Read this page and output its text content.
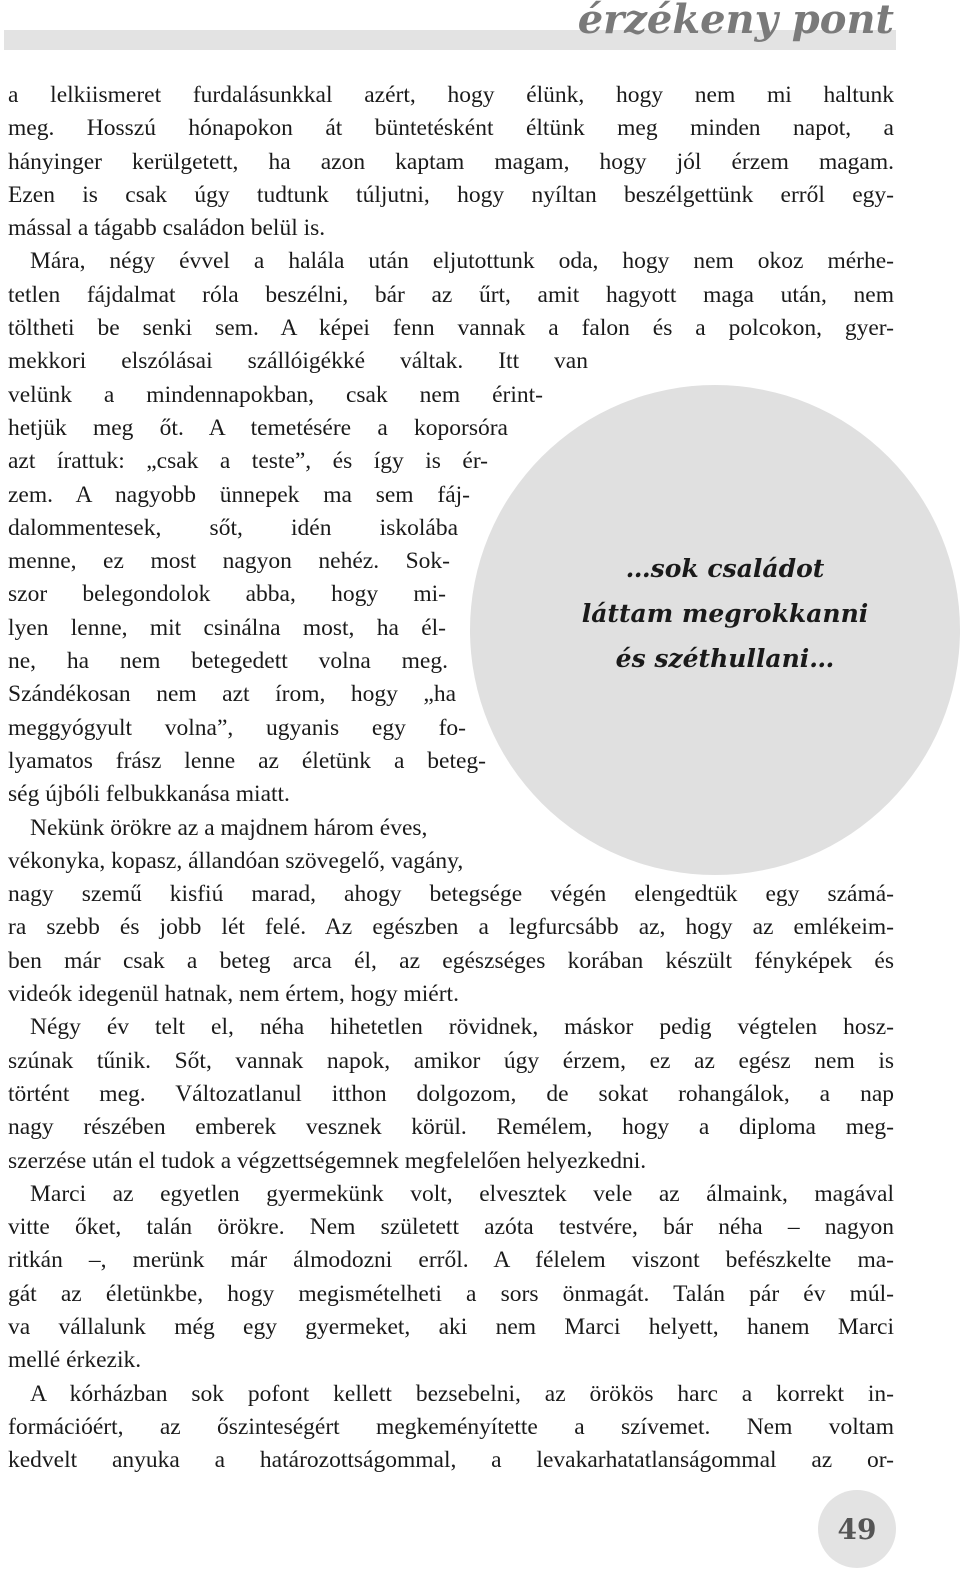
érzékeny pont
…sok családot
láttam megrokkanni
és széthullani…
a lelkiismeret furdalásunkkal azért, hogy élünk, hogy nem mi haltunk
meg. Hosszú hónapokon át büntetésként éltünk meg minden napot, a
hányinger kerülgetett, ha azon kaptam magam, hogy jól érzem magam.
Ezen is csak úgy tudtunk túljutni, hogy nyíltan beszélgettünk erről egy-
mással a tágabb családon belül is.
Mára, négy évvel a halála után eljutottunk oda, hogy nem okoz mérhe-
tetlen fájdalmat róla beszélni, bár az űrt, amit hagyott maga után, nem
töltheti be senki sem. A képei fenn vannak a falon és a polcokon, gyer-
mekkori elszólásai szállóigékké váltak. Itt van
velünk a mindennapokban, csak nem érint-
hetjük meg őt. A temetésére a koporsóra
azt írattuk: „csak a teste”, és így is ér-
zem. A nagyobb ünnepek ma sem fáj-
dalommentesek, sőt, idén iskolába
menne, ez most nagyon nehéz. Sok-
szor belegondolok abba, hogy mi-
lyen lenne, mit csinálna most, ha él-
ne, ha nem betegedett volna meg.
Szándékosan nem azt írom, hogy „ha
meggyógyult volna”, ugyanis egy fo-
lyamatos frász lenne az életünk a beteg-
ség újbóli felbukkanása miatt.
Nekünk örökre az a majdnem három éves,
vékonyka, kopasz, állandóan szövegelő, vagány,
nagy szemű kisfiú marad, ahogy betegsége végén elengedtük egy számá-
ra szebb és jobb lét felé. Az egészben a legfurcsább az, hogy az emlékeim-
ben már csak a beteg arca él, az egészséges korában készült fényképek és
videók idegenül hatnak, nem értem, hogy miért.
Négy év telt el, néha hihetetlen rövidnek, máskor pedig végtelen hosz-
szúnak tűnik. Sőt, vannak napok, amikor úgy érzem, ez az egész nem is
történt meg. Változatlanul itthon dolgozom, de sokat rohangálok, a nap
nagy részében emberek vesznek körül. Remélem, hogy a diploma meg-
szerzése után el tudok a végzettségemnek megfelelően helyezkedni.
Marci az egyetlen gyermekünk volt, elvesztek vele az álmaink, magával
vitte őket, talán örökre. Nem született azóta testvére, bár néha – nagyon
ritkán –, merünk már álmodozni erről. A félelem viszont befészkelte ma-
gát az életünkbe, hogy megismételheti a sors önmagát. Talán pár év múl-
va vállalunk még egy gyermeket, aki nem Marci helyett, hanem Marci
mellé érkezik.
A kórházban sok pofont kellett bezsebelni, az örökös harc a korrekt in-
formációért, az őszinteségért megkeményítette a szívemet. Nem voltam
kedvelt anyuka a határozottságommal, a levakarhatatlanságommal az or-
49
